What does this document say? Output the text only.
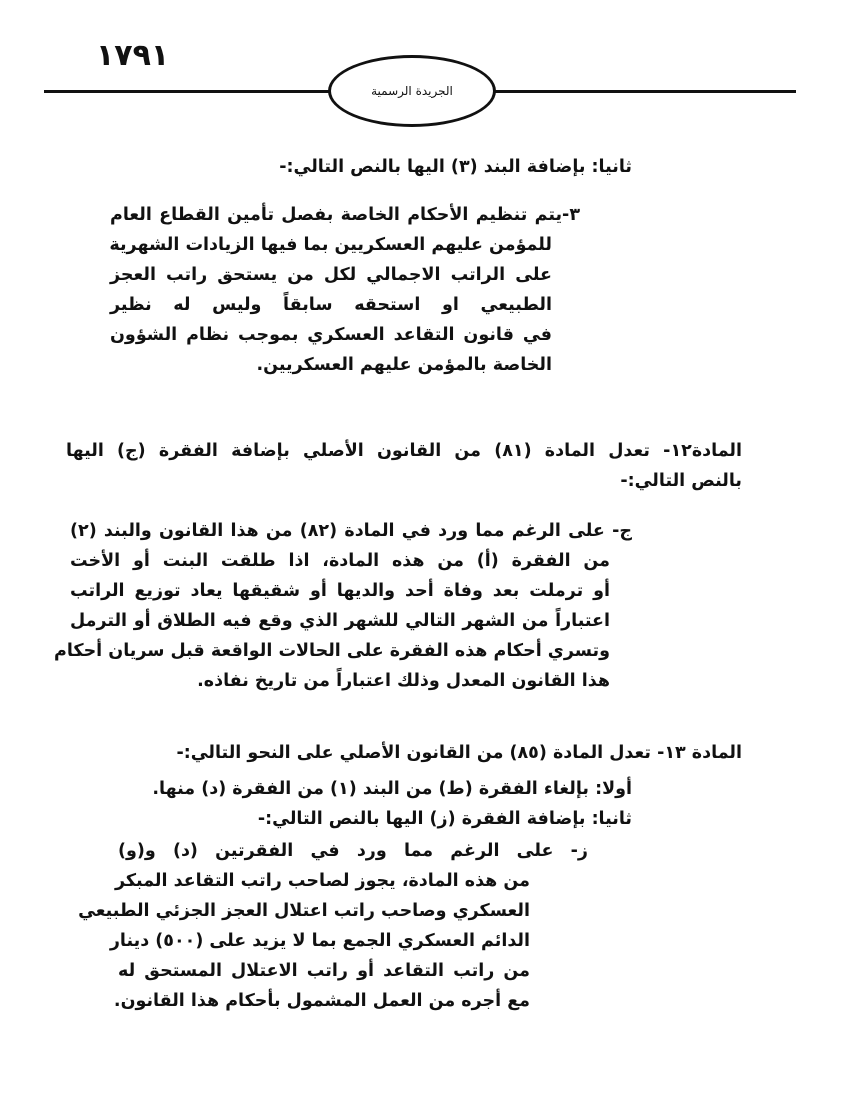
١٧٩١
الجريدة الرسمية
ثانيا: بإضافة البند (٣) اليها بالنص التالي:-
٣-يتم تنظيم الأحكام الخاصة بفصل تأمين القطاع العام
للمؤمن عليهم العسكريين بما فيها الزيادات الشهرية
على الراتب الاجمالي لكل من يستحق راتب العجز
الطبيعي او استحقه سابقاً وليس له نظير
في قانون التقاعد العسكري بموجب نظام الشؤون
الخاصة بالمؤمن عليهم العسكريين.
المادة١٢- تعدل المادة (٨١) من القانون الأصلي بإضافة الفقرة (ج) اليها
بالنص التالي:-
ج- على الرغم مما ورد في المادة (٨٢) من هذا القانون والبند (٢)
من الفقرة (أ) من هذه المادة، اذا طلقت البنت أو الأخت
أو ترملت بعد وفاة أحد والديها أو شقيقها يعاد توزيع الراتب
اعتباراً من الشهر التالي للشهر الذي وقع فيه الطلاق أو الترمل
وتسري أحكام هذه الفقرة على الحالات الواقعة قبل سريان أحكام
هذا القانون المعدل وذلك اعتباراً من تاريخ نفاذه.
المادة ١٣- تعدل المادة (٨٥) من القانون الأصلي على النحو التالي:-
أولا: بإلغاء الفقرة (ط) من البند (١) من الفقرة (د) منها.
ثانيا: بإضافة الفقرة (ز) اليها بالنص التالي:-
ز- على الرغم مما ورد في الفقرتين (د) و(و)
من هذه المادة، يجوز لصاحب راتب التقاعد المبكر
العسكري وصاحب راتب اعتلال العجز الجزئي الطبيعي
الدائم العسكري الجمع بما لا يزيد على (٥٠٠) دينار
من راتب التقاعد أو راتب الاعتلال المستحق له
مع أجره من العمل المشمول بأحكام هذا القانون.
